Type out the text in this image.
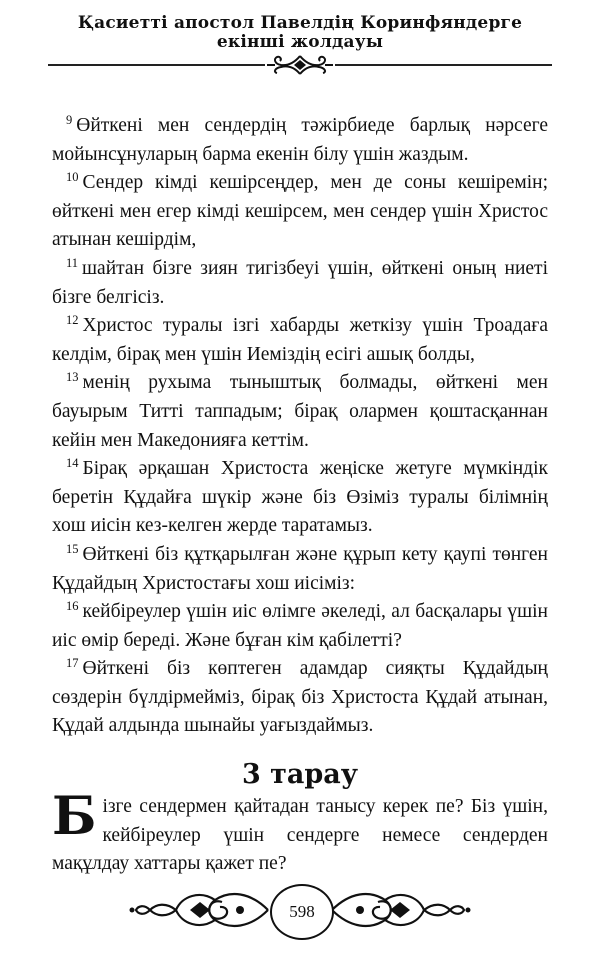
Қасиетті апостол Павелдің Коринфяндерге
екінші жолдауы

$^9$ Өйткені мен сендердің тәжірбиеде барлық нәрсеге мойынсұнуларың барма екенін білу үшін жаздым.

$^{10}$ Сендер кімді кешірсеңдер, мен де соны кешіремін; өйткені мен егер кімді кешірсем, мен сендер үшін Христос атынан кешірдім,

$^{11}$ шайтан бізге зиян тигізбеуі үшін, өйткені оның ниеті бізге белгісіз.

$^{12}$ Христос туралы ізгі хабарды жеткізу үшін Троадаға келдім, бірақ мен үшін Иеміздің есігі ашық болды,

$^{13}$ менің рухыма тыныштық болмады, өйткені мен бауырым Титті таппадым; бірақ олармен қоштасқаннан кейін мен Македонияға кеттім.

$^{14}$ Бірақ әрқашан Христоста жеңіске жетуге мүмкіндік беретін Құдайға шүкір және біз Өзіміз туралы білімнің хош иісін кез-келген жерде таратамыз.

$^{15}$ Өйткені біз құтқарылған және құрып кету қаупі төнген Құдайдың Христостағы хош иісіміз:

$^{16}$ кейбіреулер үшін иіс өлімге әкеледі, ал басқалары үшін иіс өмір береді. Және бұған кім қабілетті?

$^{17}$ Өйткені біз көптеген адамдар сияқты Құдайдың сөздерін бүлдірмейміз, бірақ біз Христоста Құдай атынан, Құдай алдында шынайы уағыздаймыз.

3 тарау

Бізге сендермен қайтадан танысу керек пе? Біз үшін, кейбіреулер үшін сендерге немесе сендерден мақұлдау хаттары қажет пе?

598
